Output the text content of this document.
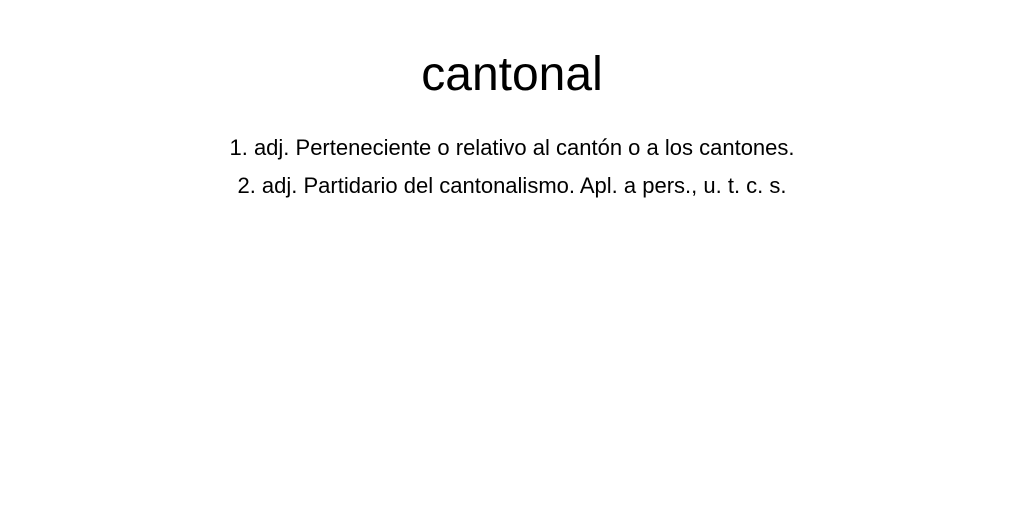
cantonal
1. adj. Perteneciente o relativo al cantón o a los cantones.
2. adj. Partidario del cantonalismo. Apl. a pers., u. t. c. s.
